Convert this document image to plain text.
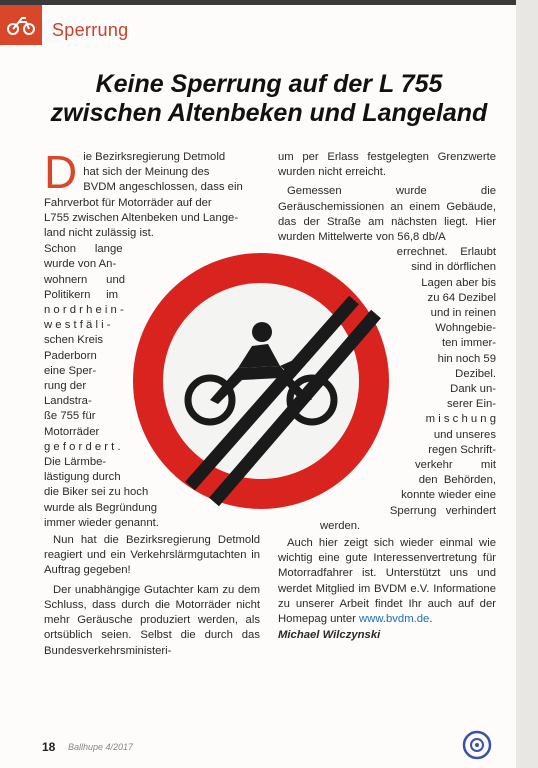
Sperrung
Keine Sperrung auf der L 755
zwischen Altenbeken und Langeland
D ie Bezirksregierung Detmold
hat sich der Meinung des
BVDM angeschlossen, dass ein
Fahrverbot für Motorräder auf der
L755 zwischen Altenbeken und Lange-
land nicht zulässig ist.
Schon      lange
wurde von An-
wohnern      und
Politikern     im
n o r d r h e i n -
w e s t f ä l i -
schen Kreis
Paderborn
eine Sper-
rung der
Landstra-
ße 755 für
Motorräder
g e f o r d e r t .
Die Lärmbe-
lästigung durch
die Biker sei zu hoch
wurde als Begründung
immer wieder genannt.

Nun hat die Bezirksregierung Detmold reagiert und ein Verkehrslärmgutachten in Auftrag gegeben!

Der unabhängige Gutachter kam zu dem Schluss, dass durch die Motorräder nicht mehr Geräusche produziert werden, als ortsüblich seien. Selbst die durch das Bundesverkehrsministeri-

um per Erlass festgelegten Grenzwerte wurden nicht erreicht.

Gemessen wurde die Geräuschemissionen an einem Gebäude, das der Straße am nächsten liegt. Hier wurden Mittelwerte von 56,8 db/A

errechnet.    Erlaubt
sind in dörflichen
Lagen aber bis
zu 64 Dezibel
und in reinen
Wohngebie-
ten immer-
hin noch 59
Dezibel.
Dank un-
serer Ein-
m i s c h u n g
und unseres
regen Schrift-
verkehr         mit
den  Behörden,
konnte wieder eine
Sperrung   verhindert

werden.

Auch hier zeigt sich wieder einmal wie wichtig eine gute Interessenvertretung für Motorradfahrer ist. Unterstützt uns und werdet Mitglied im BVDM e.V. Informatione zu unserer Arbeit findet Ihr auch auf der Homepag unter www.bvdm.de.

Michael Wilczynski

18 Ballhupe 4/2017
